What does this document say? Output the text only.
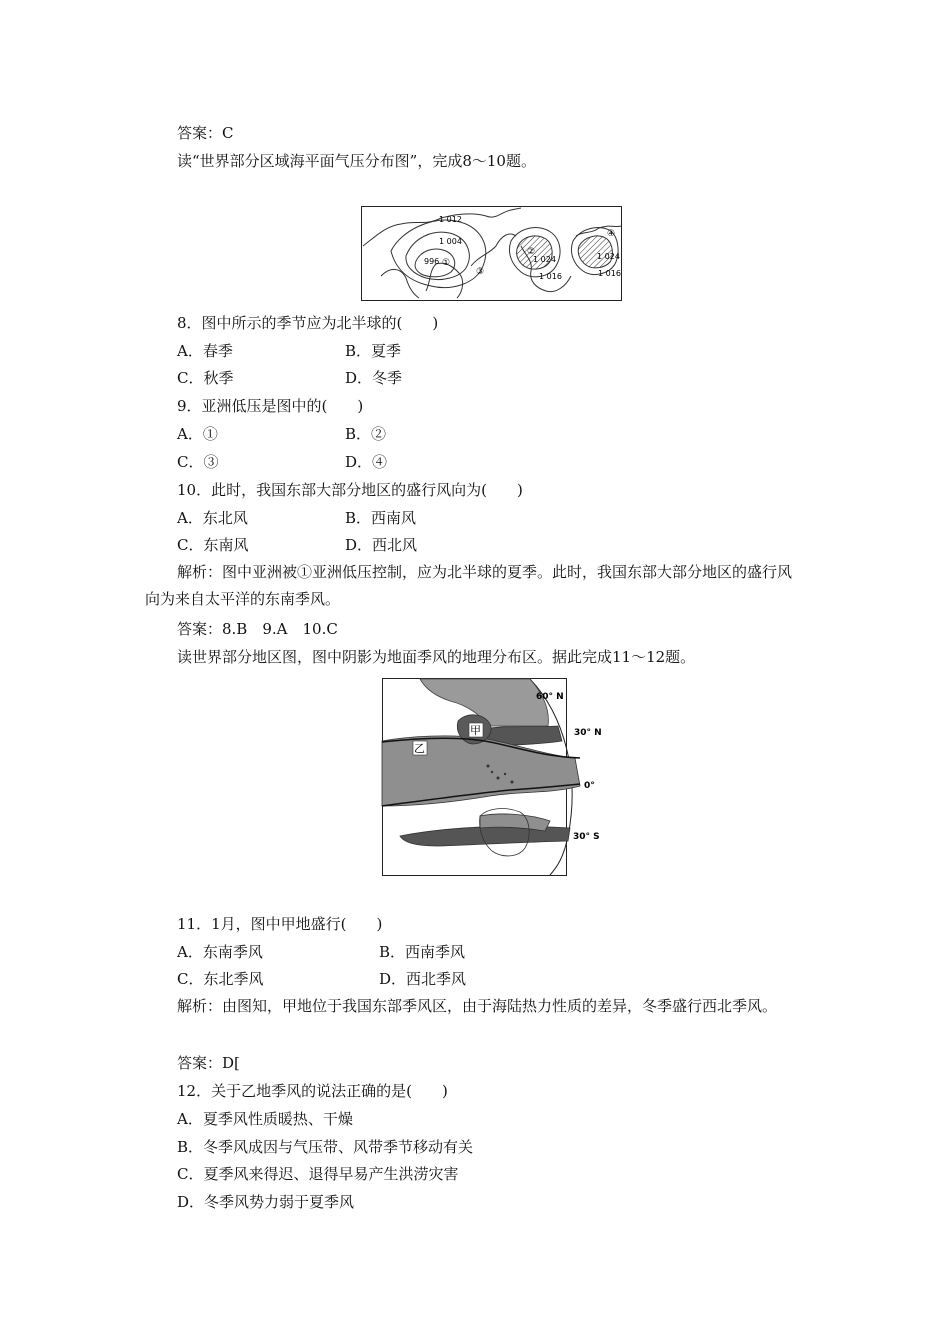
答案：C
读“世界部分区域海平面气压分布图”，完成8～10题。
1 012
1 004
996 ①
②
③
④
1 024
1 016
1 024
1 016
8．图中所示的季节应为北半球的(　　)
A．春季	B．夏季
C．秋季	D．冬季
9．亚洲低压是图中的(　　)
A．①	B．②
C．③	D．④
10．此时，我国东部大部分地区的盛行风向为(　　)
A．东北风	B．西南风
C．东南风	D．西北风
解析：图中亚洲被①亚洲低压控制，应为北半球的夏季。此时，我国东部大部分地区的盛行风向为来自太平洋的东南季风。
答案：8.B　9.A　10.C
读世界部分地区图，图中阴影为地面季风的地理分布区。据此完成11～12题。
60° N
30° N
0°
30° S
甲
乙
11．1月，图中甲地盛行(　　)
A．东南季风	B．西南季风
C．东北季风	D．西北季风
解析：由图知，甲地位于我国东部季风区，由于海陆热力性质的差异，冬季盛行西北季风。
答案：D[
12．关于乙地季风的说法正确的是(　　)
A．夏季风性质暖热、干燥
B．冬季风成因与气压带、风带季节移动有关
C．夏季风来得迟、退得早易产生洪涝灾害
D．冬季风势力弱于夏季风
